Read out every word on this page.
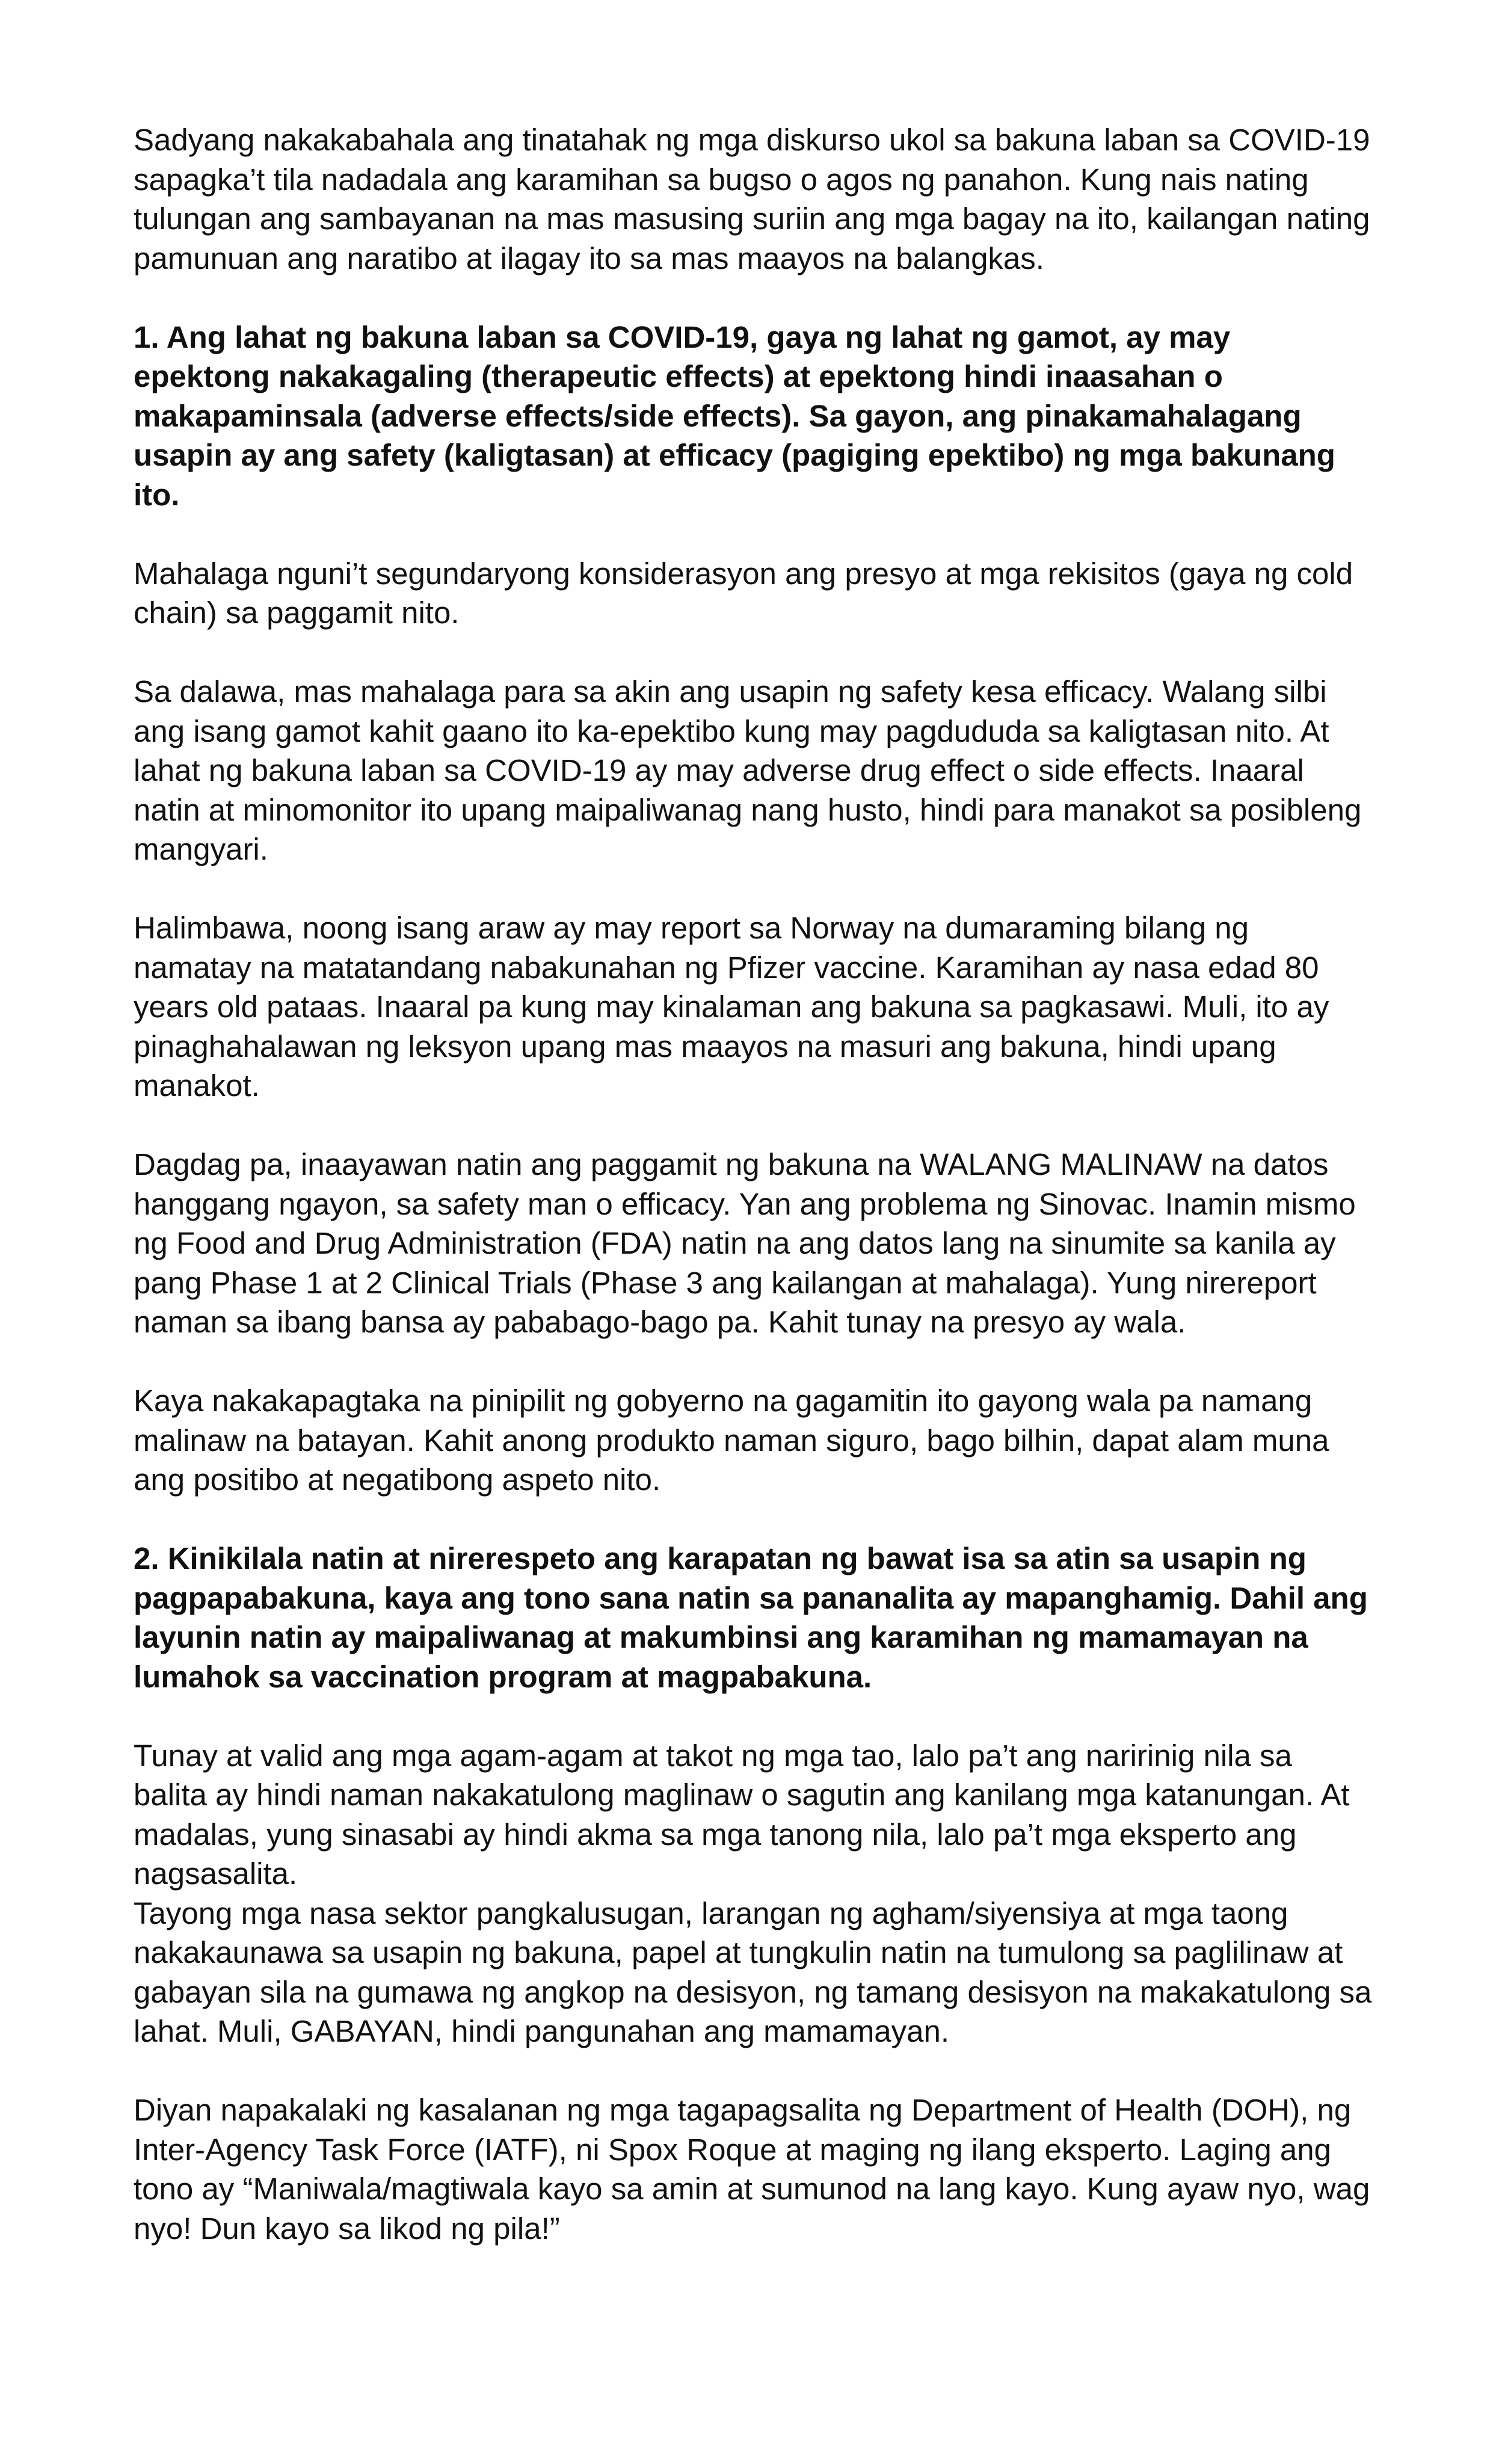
Sadyang nakakabahala ang tinatahak ng mga diskurso ukol sa bakuna laban sa COVID-19 sapagka’t tila nadadala ang karamihan sa bugso o agos ng panahon. Kung nais nating tulungan ang sambayanan na mas masusing suriin ang mga bagay na ito, kailangan nating pamunuan ang naratibo at ilagay ito sa mas maayos na balangkas.

1. Ang lahat ng bakuna laban sa COVID-19, gaya ng lahat ng gamot, ay may epektong nakakagaling (therapeutic effects) at epektong hindi inaasahan o makapaminsala (adverse effects/side effects). Sa gayon, ang pinakamahalagang usapin ay ang safety (kaligtasan) at efficacy (pagiging epektibo) ng mga bakunang ito.

Mahalaga nguni’t segundaryong konsiderasyon ang presyo at mga rekisitos (gaya ng cold chain) sa paggamit nito.

Sa dalawa, mas mahalaga para sa akin ang usapin ng safety kesa efficacy. Walang silbi ang isang gamot kahit gaano ito ka-epektibo kung may pagdududa sa kaligtasan nito. At lahat ng bakuna laban sa COVID-19 ay may adverse drug effect o side effects. Inaaral natin at minomonitor ito upang maipaliwanag nang husto, hindi para manakot sa posibleng mangyari.

Halimbawa, noong isang araw ay may report sa Norway na dumaraming bilang ng namatay na matatandang nabakunahan ng Pfizer vaccine. Karamihan ay nasa edad 80 years old pataas. Inaaral pa kung may kinalaman ang bakuna sa pagkasawi. Muli, ito ay pinaghahalawan ng leksyon upang mas maayos na masuri ang bakuna, hindi upang manakot.

Dagdag pa, inaayawan natin ang paggamit ng bakuna na WALANG MALINAW na datos hanggang ngayon, sa safety man o efficacy. Yan ang problema ng Sinovac. Inamin mismo ng Food and Drug Administration (FDA) natin na ang datos lang na sinumite sa kanila ay pang Phase 1 at 2 Clinical Trials (Phase 3 ang kailangan at mahalaga). Yung nirereport naman sa ibang bansa ay pababago-bago pa. Kahit tunay na presyo ay wala.

Kaya nakakapagtaka na pinipilit ng gobyerno na gagamitin ito gayong wala pa namang malinaw na batayan. Kahit anong produkto naman siguro, bago bilhin, dapat alam muna ang positibo at negatibong aspeto nito.

2. Kinikilala natin at nirerespeto ang karapatan ng bawat isa sa atin sa usapin ng pagpapabakuna, kaya ang tono sana natin sa pananalita ay mapanghamig. Dahil ang layunin natin ay maipaliwanag at makumbinsi ang karamihan ng mamamayan na lumahok sa vaccination program at magpabakuna.

Tunay at valid ang mga agam-agam at takot ng mga tao, lalo pa’t ang naririnig nila sa balita ay hindi naman nakakatulong maglinaw o sagutin ang kanilang mga katanungan. At madalas, yung sinasabi ay hindi akma sa mga tanong nila, lalo pa’t mga eksperto ang nagsasalita.

Tayong mga nasa sektor pangkalusugan, larangan ng agham/siyensiya at mga taong nakakaunawa sa usapin ng bakuna, papel at tungkulin natin na tumulong sa paglilinaw at gabayan sila na gumawa ng angkop na desisyon, ng tamang desisyon na makakatulong sa lahat. Muli, GABAYAN, hindi pangunahan ang mamamayan.

Diyan napakalaki ng kasalanan ng mga tagapagsalita ng Department of Health (DOH), ng Inter-Agency Task Force (IATF), ni Spox Roque at maging ng ilang eksperto. Laging ang tono ay “Maniwala/magtiwala kayo sa amin at sumunod na lang kayo. Kung ayaw nyo, wag nyo! Dun kayo sa likod ng pila!”
